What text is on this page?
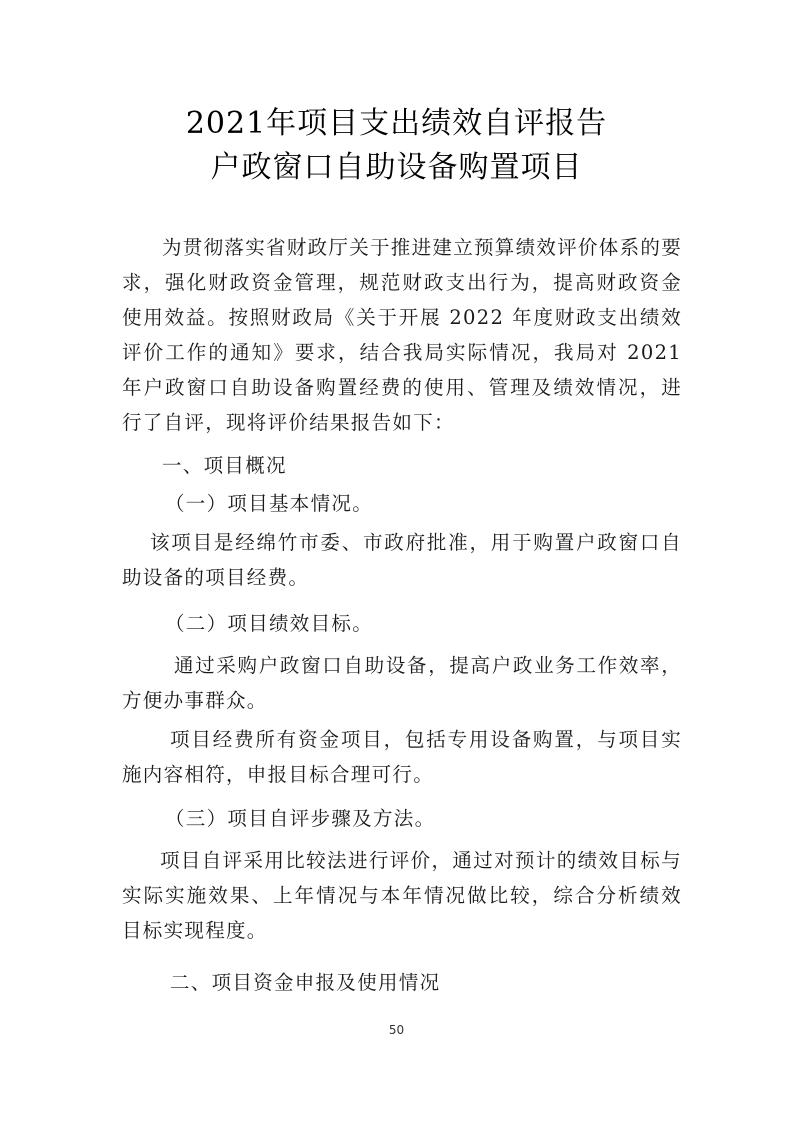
2021年项目支出绩效自评报告
户政窗口自助设备购置项目

为贯彻落实省财政厅关于推进建立预算绩效评价体系的要求，强化财政资金管理，规范财政支出行为，提高财政资金使用效益。按照财政局《关于开展 2022 年度财政支出绩效评价工作的通知》要求，结合我局实际情况，我局对 2021 年户政窗口自助设备购置经费的使用、管理及绩效情况，进行了自评，现将评价结果报告如下：

一、项目概况

（一）项目基本情况。

该项目是经绵竹市委、市政府批准，用于购置户政窗口自助设备的项目经费。

（二）项目绩效目标。

通过采购户政窗口自助设备，提高户政业务工作效率，方便办事群众。

项目经费所有资金项目，包括专用设备购置，与项目实施内容相符，申报目标合理可行。

（三）项目自评步骤及方法。

项目自评采用比较法进行评价，通过对预计的绩效目标与实际实施效果、上年情况与本年情况做比较，综合分析绩效目标实现程度。

二、项目资金申报及使用情况

50
